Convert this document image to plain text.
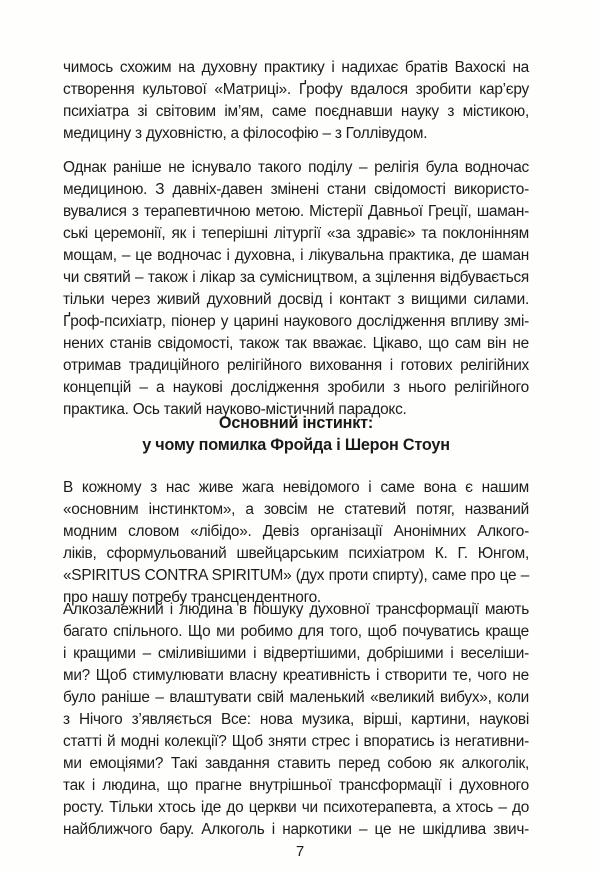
чимось схожим на духовну практику і надихає братів Вахоскі на
створення культової «Матриці». Ґрофу вдалося зробити кар’єру
психіатра зі світовим ім’ям, саме поєднавши науку з містикою,
медицину з духовністю, а філософію – з Голлівудом.
Однак раніше не існувало такого поділу – релігія була водночас
медициною. З давніх-давен змінені стани свідомості використо-
вувалися з терапевтичною метою. Містерії Давньої Греції, шаман-
ські церемонії, як і теперішні літургії «за здравіє» та поклонінням
мощам, – це водночас і духовна, і лікувальна практика, де шаман
чи святий – також і лікар за сумісництвом, а зцілення відбувається
тільки через живий духовний досвід і контакт з вищими силами.
Ґроф-психіатр, піонер у царині наукового дослідження впливу змі-
нених станів свідомості, також так вважає. Цікаво, що сам він не
отримав традиційного релігійного виховання і готових релігійних
концепцій – а наукові дослідження зробили з нього релігійного
практика. Ось такий науково-містичний парадокс.
Основний інстинкт:
у чому помилка Фройда і Шерон Стоун
В кожному з нас живе жага невідомого і саме вона є нашим
«основним інстинктом», а зовсім не статевий потяг, названий
модним словом «лібідо». Девіз організації Анонімних Алкого-
ліків, сформульований швейцарським психіатром К. Г. Юнгом,
«SPIRITUS CONTRA SPIRITUM» (дух проти спирту), саме про це –
про нашу потребу трансцендентного.
Алкозалежний і людина в пошуку духовної трансформації мають
багато спільного. Що ми робимо для того, щоб почуватись краще
і кращими – сміливішими і відвертішими, добрішими і веселіши-
ми? Щоб стимулювати власну креативність і створити те, чого не
було раніше – влаштувати свій маленький «великий вибух», коли
з Нічого з’являється Все: нова музика, вірші, картини, наукові
статті й модні колекції? Щоб зняти стрес і впоратись із негативни-
ми емоціями? Такі завдання ставить перед собою як алкоголік,
так і людина, що прагне внутрішньої трансформації і духовного
росту. Тільки хтось іде до церкви чи психотерапевта, а хтось – до
найближчого бару. Алкоголь і наркотики – це не шкідлива звич-
7
